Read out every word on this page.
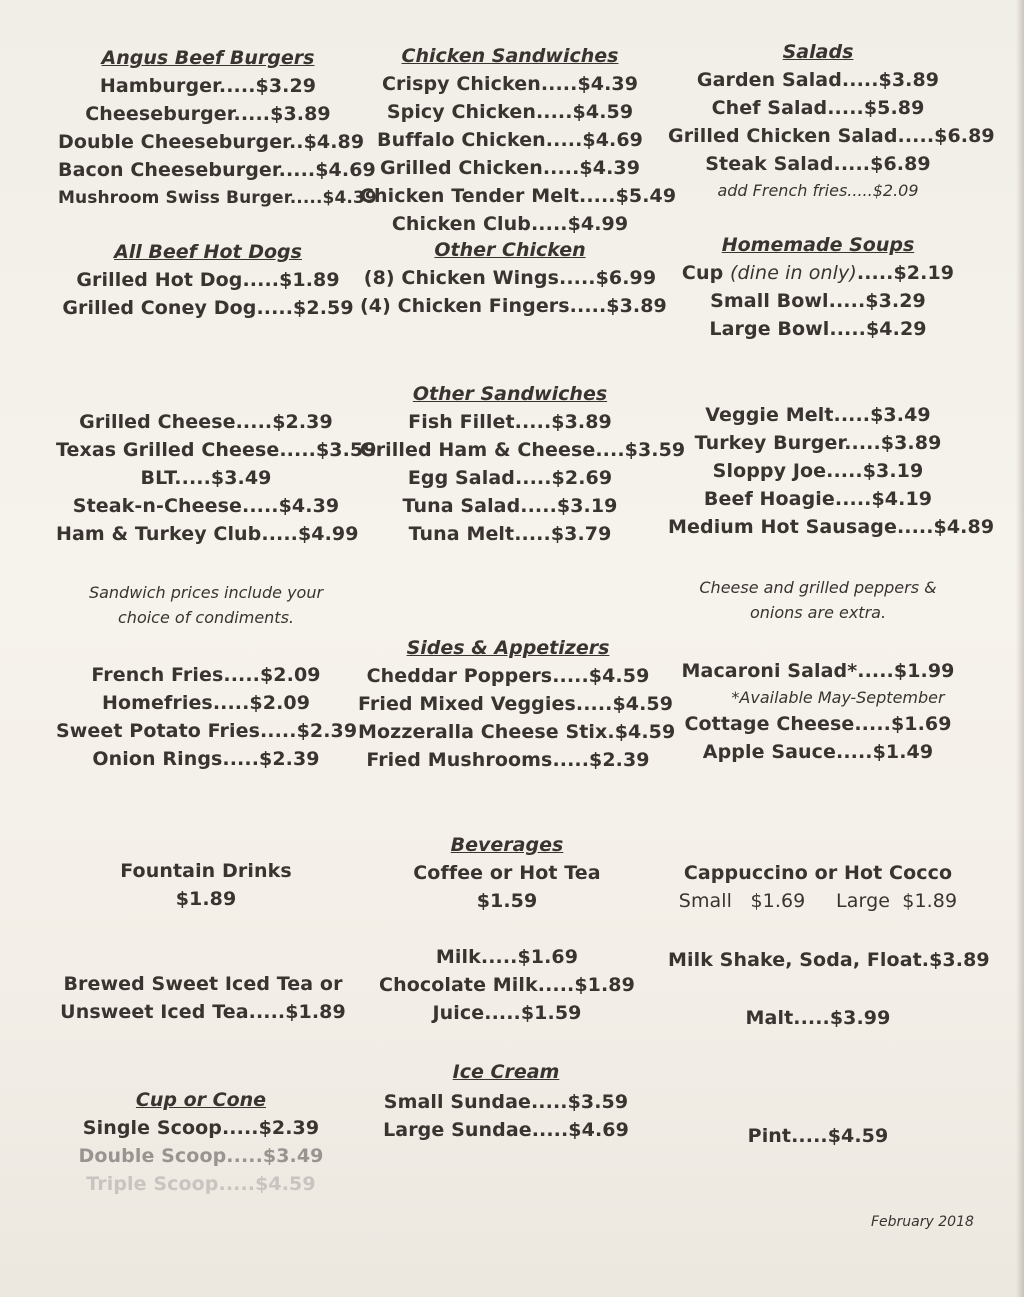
Angus Beef Burgers
Hamburger.....$3.29
Cheeseburger.....$3.89
Double Cheeseburger..$4.89
Bacon Cheeseburger.....$4.69
Mushroom Swiss Burger.....$4.39
All Beef Hot Dogs
Grilled Hot Dog.....$1.89
Grilled Coney Dog.....$2.59
Grilled Cheese.....$2.39
Texas Grilled Cheese.....$3.59
BLT.....$3.49
Steak-n-Cheese.....$4.39
Ham & Turkey Club.....$4.99
Sandwich prices include your
choice of condiments.
French Fries.....$2.09
Homefries.....$2.09
Sweet Potato Fries.....$2.39
Onion Rings.....$2.39
Fountain Drinks
$1.89
Brewed Sweet Iced Tea or
Unsweet Iced Tea.....$1.89
Cup or Cone
Single Scoop.....$2.39
Double Scoop.....$3.49
Triple Scoop.....$4.59
Chicken Sandwiches
Crispy Chicken.....$4.39
Spicy Chicken.....$4.59
Buffalo Chicken.....$4.69
Grilled Chicken.....$4.39
Chicken Tender Melt.....$5.49
Chicken Club.....$4.99
Other Chicken
(8) Chicken Wings.....$6.99
(4) Chicken Fingers.....$3.89
Other Sandwiches
Fish Fillet.....$3.89
Grilled Ham & Cheese....$3.59
Egg Salad.....$2.69
Tuna Salad.....$3.19
Tuna Melt.....$3.79
Sides & Appetizers
Cheddar Poppers.....$4.59
Fried Mixed Veggies.....$4.59
Mozzeralla Cheese Stix.$4.59
Fried Mushrooms.....$2.39
Beverages
Coffee or Hot Tea
$1.59
Milk.....$1.69
Chocolate Milk.....$1.89
Juice.....$1.59
Ice Cream
Small Sundae.....$3.59
Large Sundae.....$4.69
Salads
Garden Salad.....$3.89
Chef Salad.....$5.89
Grilled Chicken Salad.....$6.89
Steak Salad.....$6.89
add French fries.....$2.09
Homemade Soups
Cup (dine in only).....$2.19
Small Bowl.....$3.29
Large Bowl.....$4.29
Veggie Melt.....$3.49
Turkey Burger.....$3.89
Sloppy Joe.....$3.19
Beef Hoagie.....$4.19
Medium Hot Sausage.....$4.89
Cheese and grilled peppers &
onions are extra.
Macaroni Salad*.....$1.99
*Available May-September
Cottage Cheese.....$1.69
Apple Sauce.....$1.49
Cappuccino or Hot Cocco
Small   $1.69     Large  $1.89
Milk Shake, Soda, Float.$3.89
Malt.....$3.99
Pint.....$4.59
February 2018
